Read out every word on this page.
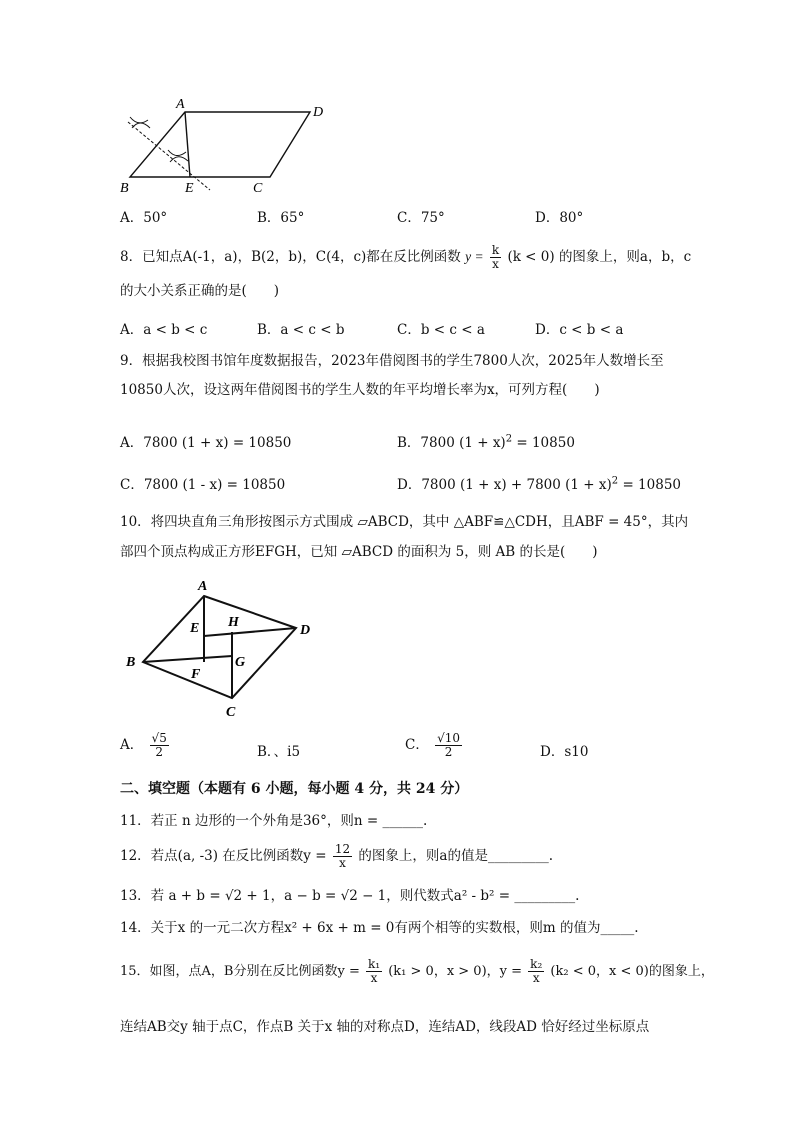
A
D
B	E	C
A．50°	B．65°	C．75°	D．80°
8．已知点A(-1，a)，B(2，b)，C(4，c)都在反比例函数 $y = \frac{k}{x} (k < 0)$ 的图象上，则a，b，c
的大小关系正确的是(　　)
A．a < b < c	B．a < c < b	C．b < c < a	D．c < b < a
9．根据我校图书馆年度数据报告，2023年借阅图书的学生7800人次，2025年人数增长至
10850人次，设这两年借阅图书的学生人数的年平均增长率为x，可列方程(　　)
A．7800 (1 + x) = 10850	B．7800 $(1 + x)^2 = 10850$
C．7800 (1 - x) = 10850	D．7800 (1 + x) + 7800 $(1 + x)^2 = 10850$
10．将四块直角三角形按图示方式围成 ▱ABCD，其中 △ABF≌△CDH，且ABF = 45°，其内
部四个顶点构成正方形EFGH，已知 ▱ABCD 的面积为 5，则 AB 的长是(　　)
A
E H
D
B	G
F
C
A． $\frac{√5}{2}$	B．、i5	C． $\frac{√10}{2}$	D．s10
二、填空题（本题有 6 小题，每小题 4 分，共 24 分）
11．若正 n 边形的一个外角是36°，则n = ______.
12．若点(a, -3) 在反比例函数$y = \frac{12}{x}$ 的图象上，则a的值是_________.
13．若 a + b = √2 + 1，a − b = √2 − 1，则代数式a² - b² = _________.
14．关于x 的一元二次方程x² + 6x + m = 0有两个相等的实数根，则m 的值为_____.
15．如图，点A，B分别在反比例函数$y = \frac{\text{k₁}}{x} (k_1 > 0$，x > 0)，$y = \frac{\text{k₂}}{x} (k_2 < 0$，x < 0)的图象上，
连结AB交y 轴于点C，作点B 关于x 轴的对称点D，连结AD，线段AD 恰好经过坐标原点
